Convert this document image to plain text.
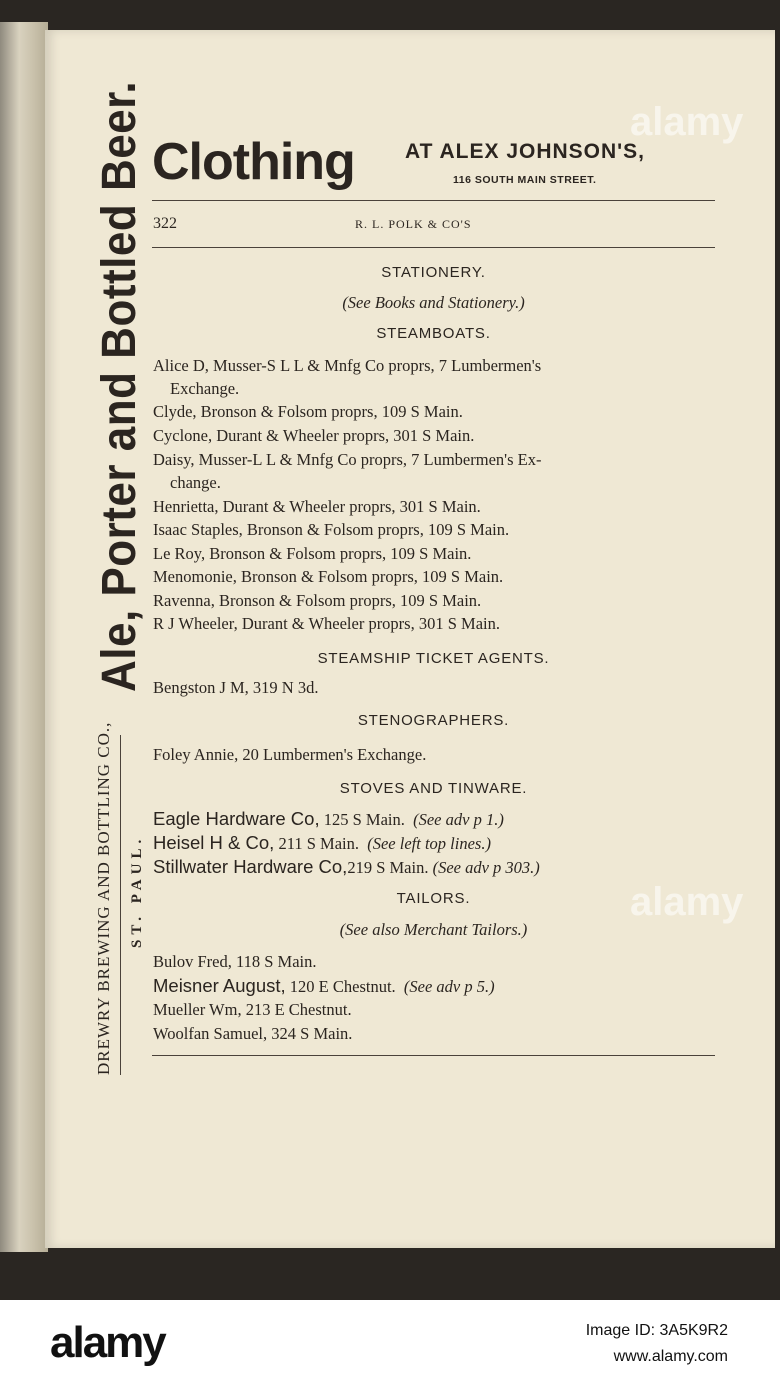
Ale, Porter and Bottled Beer.
DREWRY BREWING AND BOTTLING CO., ST. PAUL.
Clothing AT ALEX JOHNSON'S,
116 SOUTH MAIN STREET.
322	R. L. POLK & CO'S
STATIONERY.
(See Books and Stationery.)
STEAMBOATS.
Alice D, Musser-S L L & Mnfg Co proprs, 7 Lumbermen's
Exchange.
Clyde, Bronson & Folsom proprs, 109 S Main.
Cyclone, Durant & Wheeler proprs, 301 S Main.
Daisy, Musser-L L & Mnfg Co proprs, 7 Lumbermen's Ex-
change.
Henrietta, Durant & Wheeler proprs, 301 S Main.
Isaac Staples, Bronson & Folsom proprs, 109 S Main.
Le Roy, Bronson & Folsom proprs, 109 S Main.
Menomonie, Bronson & Folsom proprs, 109 S Main.
Ravenna, Bronson & Folsom proprs, 109 S Main.
R J Wheeler, Durant & Wheeler proprs, 301 S Main.
STEAMSHIP TICKET AGENTS.
Bengston J M, 319 N 3d.
STENOGRAPHERS.
Foley Annie, 20 Lumbermen's Exchange.
STOVES AND TINWARE.
Eagle Hardware Co, 125 S Main. (See adv p 1.)
Heisel H & Co, 211 S Main. (See left top lines.)
Stillwater Hardware Co,219 S Main. (See adv p 303.)
TAILORS.
(See also Merchant Tailors.)
Bulov Fred, 118 S Main.
Meisner August, 120 E Chestnut. (See adv p 5.)
Mueller Wm, 213 E Chestnut.
Woolfan Samuel, 324 S Main.
alamy
alamy
alamy	Image ID: 3A5K9R2
www.alamy.com
